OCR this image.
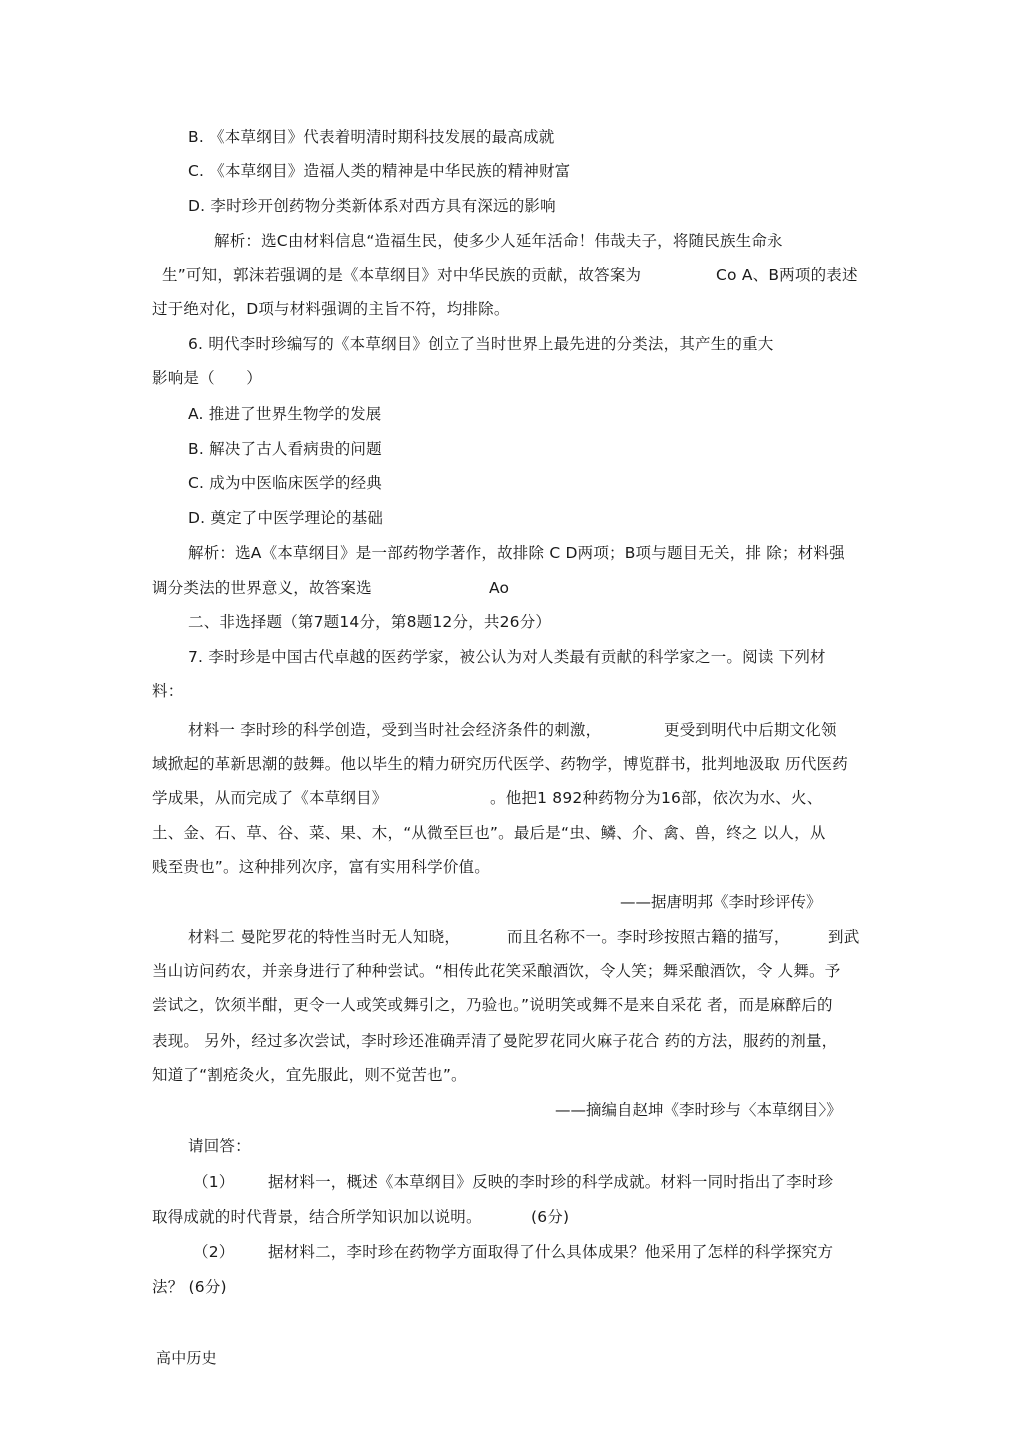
B. 《本草纲目》代表着明清时期科技发展的最高成就
C. 《本草纲目》造福人类的精神是中华民族的精神财富
D. 李时珍开创药物分类新体系对西方具有深远的影响
解析：选C由材料信息“造福生民，使多少人延年活命！伟哉夫子，将随民族生命永
生”可知，郭沫若强调的是《本草纲目》对中华民族的贡献，故答案为	Co A、B两项的表述
过于绝对化，D项与材料强调的主旨不符，均排除。
6. 明代李时珍编写的《本草纲目》创立了当时世界上最先进的分类法，其产生的重大
影响是（　　）
A. 推进了世界生物学的发展
B. 解决了古人看病贵的问题
C. 成为中医临床医学的经典
D. 奠定了中医学理论的基础
解析：选A《本草纲目》是一部药物学著作，故排除 C D两项；B项与题目无关，排 除；材料强
调分类法的世界意义，故答案选	Ao
二、非选择题（第7题14分，第8题12分，共26分）
7. 李时珍是中国古代卓越的医药学家，被公认为对人类最有贡献的科学家之一。阅读 下列材
料：
材料一 李时珍的科学创造，受到当时社会经济条件的刺激，	更受到明代中后期文化领
域掀起的革新思潮的鼓舞。他以毕生的精力研究历代医学、药物学，博览群书，批判地汲取 历代医药
学成果，从而完成了《本草纲目》	。他把1 892种药物分为16部，依次为水、火、
土、金、石、草、谷、菜、果、木，“从微至巨也”。最后是“虫、鳞、介、禽、兽，终之 以人，从
贱至贵也”。这种排列次序，富有实用科学价值。
——据唐明邦《李时珍评传》
材料二 曼陀罗花的特性当时无人知晓，	而且名称不一。李时珍按照古籍的描写， 到武
当山访问药农，并亲身进行了种种尝试。“相传此花笑采酿酒饮，令人笑；舞采酿酒饮，令 人舞。予
尝试之，饮须半酣，更令一人或笑或舞引之，乃验也。”说明笑或舞不是来自采花 者，而是麻醉后的
表现。 另外，经过多次尝试，李时珍还准确弄清了曼陀罗花同火麻子花合 药的方法，服药的剂量，
知道了“割疮灸火，宜先服此，则不觉苦也”。
——摘编自赵坤《李时珍与〈本草纲目〉》
请回答：
（1） 据材料一，概述《本草纲目》反映的李时珍的科学成就。材料一同时指出了李时珍
取得成就的时代背景，结合所学知识加以说明。	(6分)
（2） 据材料二，李时珍在药物学方面取得了什么具体成果？他采用了怎样的科学探究方
法？ (6分)
高中历史
